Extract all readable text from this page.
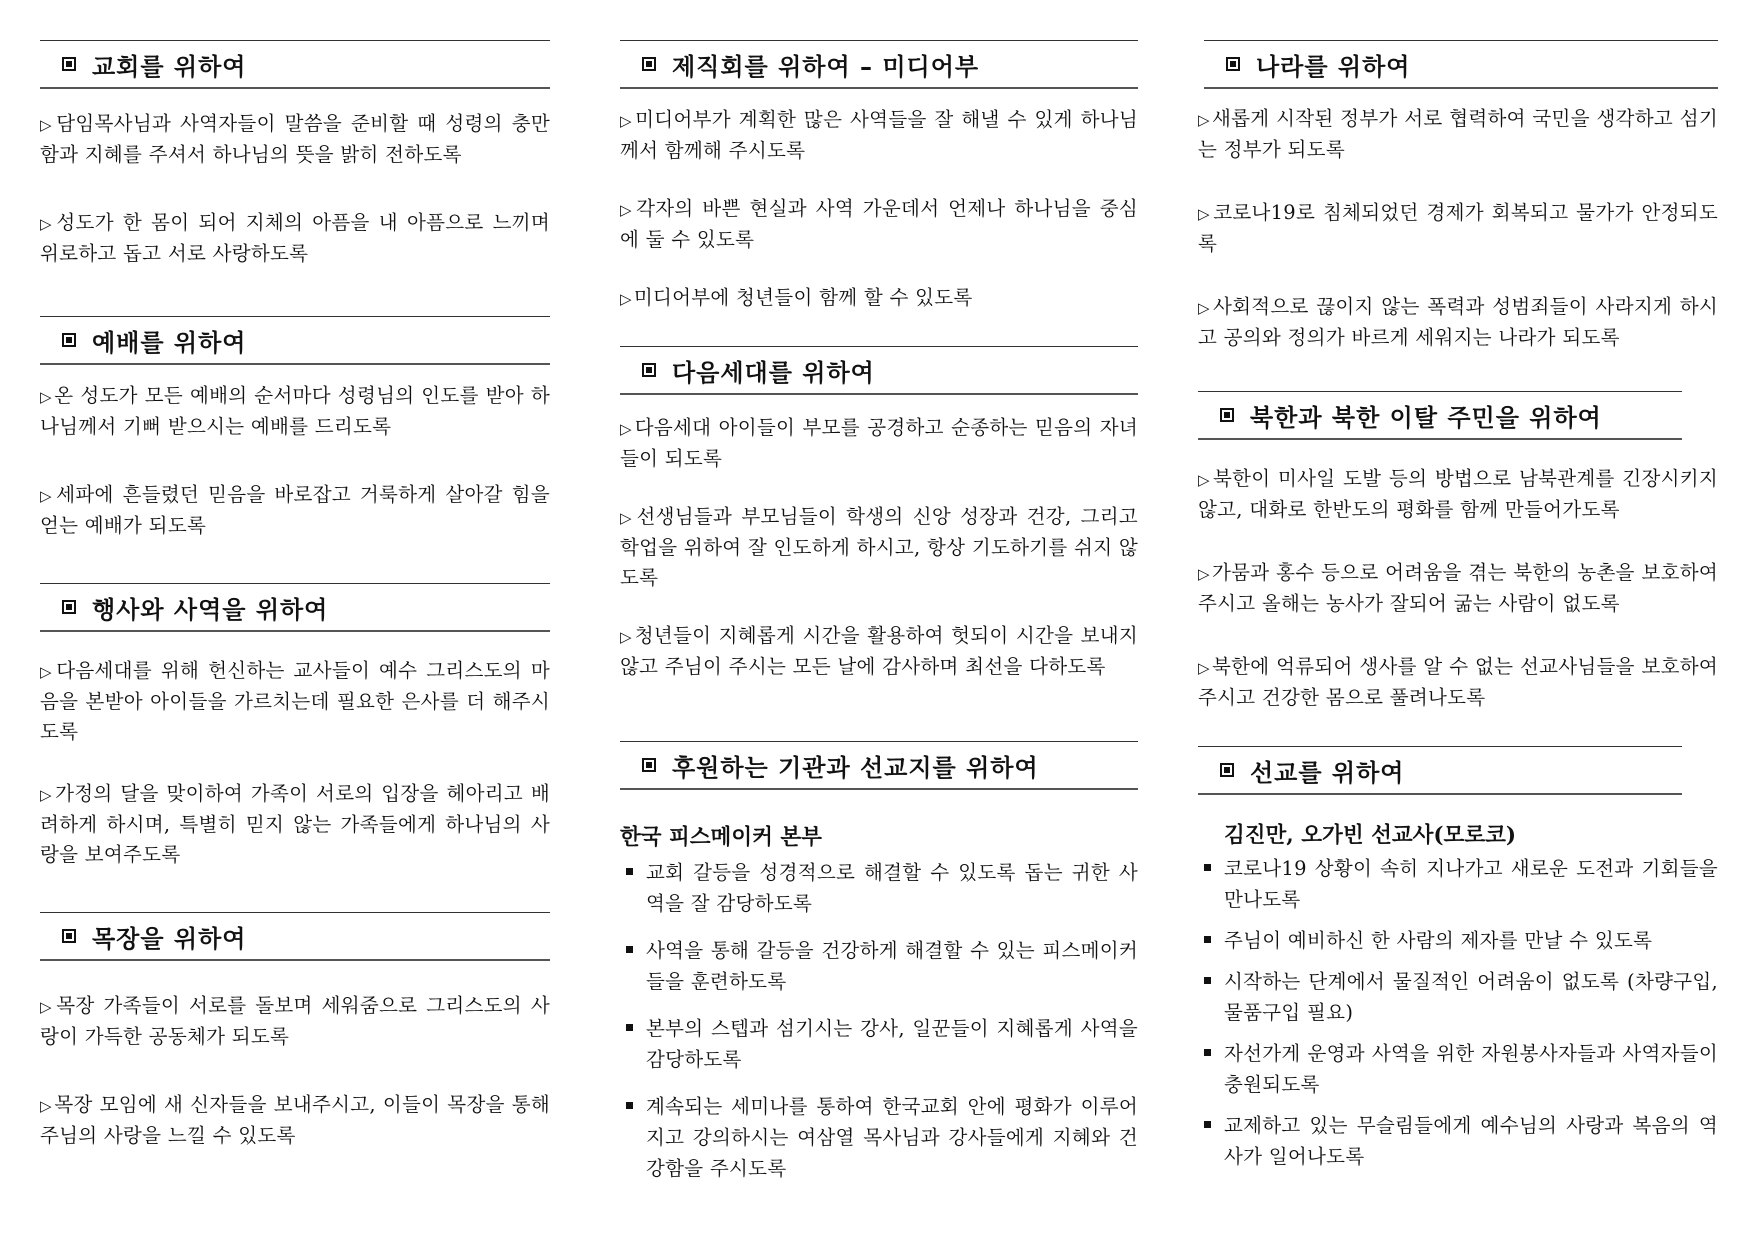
교회를 위하여

▷ 담임목사님과 사역자들이 말씀을 준비할 때 성령의 충만함과 지혜를 주셔서 하나님의 뜻을 밝히 전하도록

▷ 성도가 한 몸이 되어 지체의 아픔을 내 아픔으로 느끼며 위로하고 돕고 서로 사랑하도록

예배를 위하여

▷ 온 성도가 모든 예배의 순서마다 성령님의 인도를 받아 하나님께서 기뻐 받으시는 예배를 드리도록

▷ 세파에 흔들렸던 믿음을 바로잡고 거룩하게 살아갈 힘을 얻는 예배가 되도록

행사와 사역을 위하여

▷ 다음세대를 위해 헌신하는 교사들이 예수 그리스도의 마음을 본받아 아이들을 가르치는데 필요한 은사를 더 해주시도록

▷ 가정의 달을 맞이하여 가족이 서로의 입장을 헤아리고 배려하게 하시며, 특별히 믿지 않는 가족들에게 하나님의 사랑을 보여주도록

목장을 위하여

▷ 목장 가족들이 서로를 돌보며 세워줌으로 그리스도의 사랑이 가득한 공동체가 되도록

▷ 목장 모임에 새 신자들을 보내주시고, 이들이 목장을 통해 주님의 사랑을 느낄 수 있도록

제직회를 위하여 – 미디어부

▷ 미디어부가 계획한 많은 사역들을 잘 해낼 수 있게 하나님께서 함께해 주시도록

▷ 각자의 바쁜 현실과 사역 가운데서 언제나 하나님을 중심에 둘 수 있도록

▷ 미디어부에 청년들이 함께 할 수 있도록

다음세대를 위하여

▷ 다음세대 아이들이 부모를 공경하고 순종하는 믿음의 자녀들이 되도록

▷ 선생님들과 부모님들이 학생의 신앙 성장과 건강, 그리고 학업을 위하여 잘 인도하게 하시고, 항상 기도하기를 쉬지 않도록

▷ 청년들이 지혜롭게 시간을 활용하여 헛되이 시간을 보내지 않고 주님이 주시는 모든 날에 감사하며 최선을 다하도록

후원하는 기관과 선교지를 위하여

한국 피스메이커 본부

교회 갈등을 성경적으로 해결할 수 있도록 돕는 귀한 사역을 잘 감당하도록

사역을 통해 갈등을 건강하게 해결할 수 있는 피스메이커들을 훈련하도록

본부의 스텝과 섬기시는 강사, 일꾼들이 지혜롭게 사역을 감당하도록

계속되는 세미나를 통하여 한국교회 안에 평화가 이루어지고 강의하시는 여삼열 목사님과 강사들에게 지혜와 건강함을 주시도록

나라를 위하여

▷ 새롭게 시작된 정부가 서로 협력하여 국민을 생각하고 섬기는 정부가 되도록

▷ 코로나19로 침체되었던 경제가 회복되고 물가가 안정되도록

▷ 사회적으로 끊이지 않는 폭력과 성범죄들이 사라지게 하시고 공의와 정의가 바르게 세워지는 나라가 되도록

북한과 북한 이탈 주민을 위하여

▷ 북한이 미사일 도발 등의 방법으로 남북관계를 긴장시키지 않고, 대화로 한반도의 평화를 함께 만들어가도록

▷ 가뭄과 홍수 등으로 어려움을 겪는 북한의 농촌을 보호하여 주시고 올해는 농사가 잘되어 굶는 사람이 없도록

▷ 북한에 억류되어 생사를 알 수 없는 선교사님들을 보호하여 주시고 건강한 몸으로 풀려나도록

선교를 위하여

김진만, 오가빈 선교사(모로코)

코로나19 상황이 속히 지나가고 새로운 도전과 기회들을 만나도록

주님이 예비하신 한 사람의 제자를 만날 수 있도록

시작하는 단계에서 물질적인 어려움이 없도록 (차량구입, 물품구입 필요)

자선가게 운영과 사역을 위한 자원봉사자들과 사역자들이 충원되도록

교제하고 있는 무슬림들에게 예수님의 사랑과 복음의 역사가 일어나도록
